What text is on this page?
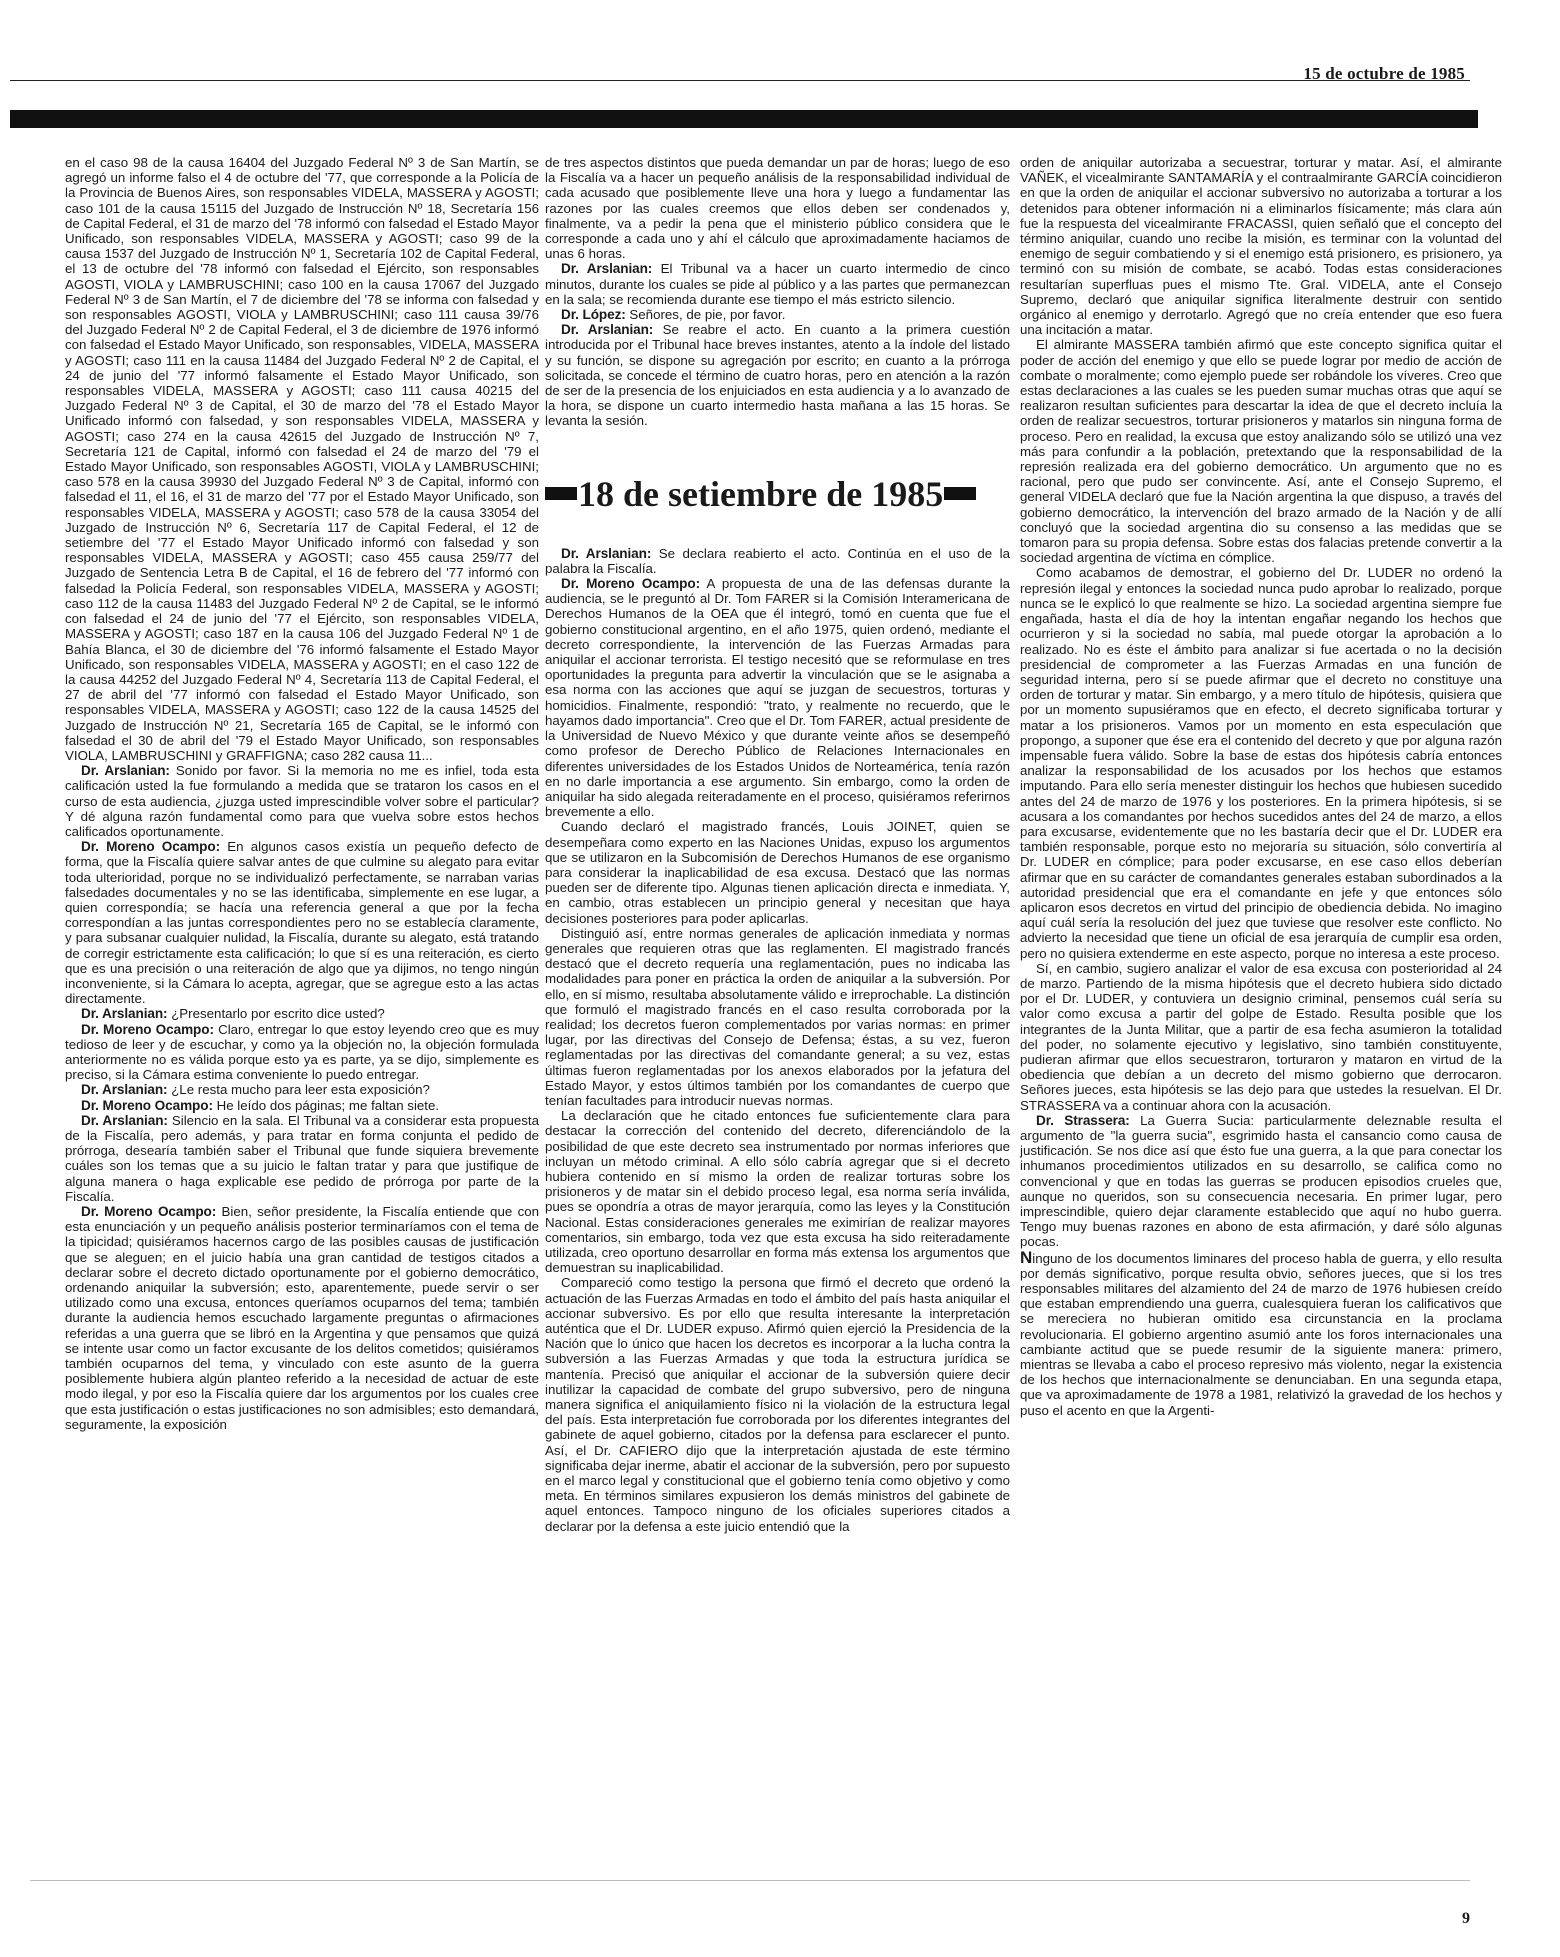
15 de octubre de 1985

en el caso 98 de la causa 16404 del Juzgado Federal Nº 3 de San Martín, se agregó un informe falso el 4 de octubre del '77, que corresponde a la Policía de la Provincia de Buenos Aires, son responsables VIDELA, MASSERA y AGOSTI; caso 101 de la causa 15115 del Juzgado de Instrucción Nº 18, Secretaría 156 de Capital Federal, el 31 de marzo del '78 informó con falsedad el Estado Mayor Unificado, son responsables VIDELA, MASSERA y AGOSTI; caso 99 de la causa 1537 del Juzgado de Instrucción Nº 1, Secretaría 102 de Capital Federal, el 13 de octubre del '78 informó con falsedad el Ejército, son responsables AGOSTI, VIOLA y LAMBRUSCHINI; caso 100 en la causa 17067 del Juzgado Federal Nº 3 de San Martín, el 7 de diciembre del '78 se informa con falsedad y son responsables AGOSTI, VIOLA y LAMBRUSCHINI; caso 111 causa 39/76 del Juzgado Federal Nº 2 de Capital Federal, el 3 de diciembre de 1976 informó con falsedad el Estado Mayor Unificado, son responsables, VIDELA, MASSERA y AGOSTI; caso 111 en la causa 11484 del Juzgado Federal Nº 2 de Capital, el 24 de junio del '77 informó falsamente el Estado Mayor Unificado, son responsables VIDELA, MASSERA y AGOSTI; caso 111 causa 40215 del Juzgado Federal Nº 3 de Capital, el 30 de marzo del '78 el Estado Mayor Unificado informó con falsedad, y son responsables VIDELA, MASSERA y AGOSTI; caso 274 en la causa 42615 del Juzgado de Instrucción Nº 7, Secretaría 121 de Capital, informó con falsedad el 24 de marzo del '79 el Estado Mayor Unificado, son responsables AGOSTI, VIOLA y LAMBRUSCHINI; caso 578 en la causa 39930 del Juzgado Federal Nº 3 de Capital, informó con falsedad el 11, el 16, el 31 de marzo del '77 por el Estado Mayor Unificado, son responsables VIDELA, MASSERA y AGOSTI; caso 578 de la causa 33054 del Juzgado de Instrucción Nº 6, Secretaría 117 de Capital Federal, el 12 de setiembre del '77 el Estado Mayor Unificado informó con falsedad y son responsables VIDELA, MASSERA y AGOSTI; caso 455 causa 259/77 del Juzgado de Sentencia Letra B de Capital, el 16 de febrero del '77 informó con falsedad la Policía Federal, son responsables VIDELA, MASSERA y AGOSTI; caso 112 de la causa 11483 del Juzgado Federal Nº 2 de Capital, se le informó con falsedad el 24 de junio del '77 el Ejército, son responsables VIDELA, MASSERA y AGOSTI; caso 187 en la causa 106 del Juzgado Federal Nº 1 de Bahía Blanca, el 30 de diciembre del '76 informó falsamente el Estado Mayor Unificado, son responsables VIDELA, MASSERA y AGOSTI; en el caso 122 de la causa 44252 del Juzgado Federal Nº 4, Secretaría 113 de Capital Federal, el 27 de abril del '77 informó con falsedad el Estado Mayor Unificado, son responsables VIDELA, MASSERA y AGOSTI; caso 122 de la causa 14525 del Juzgado de Instrucción Nº 21, Secretaría 165 de Capital, se le informó con falsedad el 30 de abril del '79 el Estado Mayor Unificado, son responsables VIOLA, LAMBRUSCHINI y GRAFFIGNA; caso 282 causa 11...

Dr. Arslanian: Sonido por favor. Si la memoria no me es infiel, toda esta calificación usted la fue formulando a medida que se trataron los casos en el curso de esta audiencia, ¿juzga usted imprescindible volver sobre el particular? Y dé alguna razón fundamental como para que vuelva sobre estos hechos calificados oportunamente.

Dr. Moreno Ocampo: En algunos casos existía un pequeño defecto de forma, que la Fiscalía quiere salvar antes de que culmine su alegato para evitar toda ulterioridad, porque no se individualizó perfectamente, se narraban varias falsedades documentales y no se las identificaba, simplemente en ese lugar, a quien correspondía; se hacía una referencia general a que por la fecha correspondían a las juntas correspondientes pero no se establecía claramente, y para subsanar cualquier nulidad, la Fiscalía, durante su alegato, está tratando de corregir estrictamente esta calificación; lo que sí es una reiteración, es cierto que es una precisión o una reiteración de algo que ya dijimos, no tengo ningún inconveniente, si la Cámara lo acepta, agregar, que se agregue esto a las actas directamente.

Dr. Arslanian: ¿Presentarlo por escrito dice usted?

Dr. Moreno Ocampo: Claro, entregar lo que estoy leyendo creo que es muy tedioso de leer y de escuchar, y como ya la objeción no, la objeción formulada anteriormente no es válida porque esto ya es parte, ya se dijo, simplemente es preciso, si la Cámara estima conveniente lo puedo entregar.

Dr. Arslanian: ¿Le resta mucho para leer esta exposición?

Dr. Moreno Ocampo: He leído dos páginas; me faltan siete.

Dr. Arslanian: Silencio en la sala. El Tribunal va a considerar esta propuesta de la Fiscalía, pero además, y para tratar en forma conjunta el pedido de prórroga, desearía también saber el Tribunal que funde siquiera brevemente cuáles son los temas que a su juicio le faltan tratar y para que justifique de alguna manera o haga explicable ese pedido de prórroga por parte de la Fiscalía.

Dr. Moreno Ocampo: Bien, señor presidente, la Fiscalía entiende que con esta enunciación y un pequeño análisis posterior terminaríamos con el tema de la tipicidad; quisiéramos hacernos cargo de las posibles causas de justificación que se aleguen; en el juicio había una gran cantidad de testigos citados a declarar sobre el decreto dictado oportunamente por el gobierno democrático, ordenando aniquilar la subversión; esto, aparentemente, puede servir o ser utilizado como una excusa, entonces queríamos ocuparnos del tema; también durante la audiencia hemos escuchado largamente preguntas o afirmaciones referidas a una guerra que se libró en la Argentina y que pensamos que quizá se intente usar como un factor excusante de los delitos cometidos; quisiéramos también ocuparnos del tema, y vinculado con este asunto de la guerra posiblemente hubiera algún planteo referido a la necesidad de actuar de este modo ilegal, y por eso la Fiscalía quiere dar los argumentos por los cuales cree que esta justificación o estas justificaciones no son admisibles; esto demandará, seguramente, la exposición

de tres aspectos distintos que pueda demandar un par de horas; luego de eso la Fiscalía va a hacer un pequeño análisis de la responsabilidad individual de cada acusado que posiblemente lleve una hora y luego a fundamentar las razones por las cuales creemos que ellos deben ser condenados y, finalmente, va a pedir la pena que el ministerio público considera que le corresponde a cada uno y ahí el cálculo que aproximadamente haciamos de unas 6 horas.

Dr. Arslanian: El Tribunal va a hacer un cuarto intermedio de cinco minutos, durante los cuales se pide al público y a las partes que permanezcan en la sala; se recomienda durante ese tiempo el más estricto silencio.

Dr. López: Señores, de pie, por favor.

Dr. Arslanian: Se reabre el acto. En cuanto a la primera cuestión introducida por el Tribunal hace breves instantes, atento a la índole del listado y su función, se dispone su agregación por escrito; en cuanto a la prórroga solicitada, se concede el término de cuatro horas, pero en atención a la razón de ser de la presencia de los enjuiciados en esta audiencia y a lo avanzado de la hora, se dispone un cuarto intermedio hasta mañana a las 15 horas. Se levanta la sesión.

18 de setiembre de 1985

Dr. Arslanian: Se declara reabierto el acto. Continúa en el uso de la palabra la Fiscalía.

Dr. Moreno Ocampo: A propuesta de una de las defensas durante la audiencia, se le preguntó al Dr. Tom FARER si la Comisión Interamericana de Derechos Humanos de la OEA que él integró, tomó en cuenta que fue el gobierno constitucional argentino, en el año 1975, quien ordenó, mediante el decreto correspondiente, la intervención de las Fuerzas Armadas para aniquilar el accionar terrorista. El testigo necesitó que se reformulase en tres oportunidades la pregunta para advertir la vinculación que se le asignaba a esa norma con las acciones que aquí se juzgan de secuestros, torturas y homicidios. Finalmente, respondió: "trato, y realmente no recuerdo, que le hayamos dado importancia". Creo que el Dr. Tom FARER, actual presidente de la Universidad de Nuevo México y que durante veinte años se desempeñó como profesor de Derecho Público de Relaciones Internacionales en diferentes universidades de los Estados Unidos de Norteamérica, tenía razón en no darle importancia a ese argumento. Sin embargo, como la orden de aniquilar ha sido alegada reiteradamente en el proceso, quisiéramos referirnos brevemente a ello.

Cuando declaró el magistrado francés, Louis JOINET, quien se desempeñara como experto en las Naciones Unidas, expuso los argumentos que se utilizaron en la Subcomisión de Derechos Humanos de ese organismo para considerar la inaplicabilidad de esa excusa. Destacó que las normas pueden ser de diferente tipo. Algunas tienen aplicación directa e inmediata. Y, en cambio, otras establecen un principio general y necesitan que haya decisiones posteriores para poder aplicarlas.

Distinguió así, entre normas generales de aplicación inmediata y normas generales que requieren otras que las reglamenten. El magistrado francés destacó que el decreto requería una reglamentación, pues no indicaba las modalidades para poner en práctica la orden de aniquilar a la subversión. Por ello, en sí mismo, resultaba absolutamente válido e irreprochable. La distinción que formuló el magistrado francés en el caso resulta corroborada por la realidad; los decretos fueron complementados por varias normas: en primer lugar, por las directivas del Consejo de Defensa; éstas, a su vez, fueron reglamentadas por las directivas del comandante general; a su vez, estas últimas fueron reglamentadas por los anexos elaborados por la jefatura del Estado Mayor, y estos últimos también por los comandantes de cuerpo que tenían facultades para introducir nuevas normas.

La declaración que he citado entonces fue suficientemente clara para destacar la corrección del contenido del decreto, diferenciándolo de la posibilidad de que este decreto sea instrumentado por normas inferiores que incluyan un método criminal. A ello sólo cabría agregar que si el decreto hubiera contenido en sí mismo la orden de realizar torturas sobre los prisioneros y de matar sin el debido proceso legal, esa norma sería inválida, pues se opondría a otras de mayor jerarquía, como las leyes y la Constitución Nacional. Estas consideraciones generales me eximirían de realizar mayores comentarios, sin embargo, toda vez que esta excusa ha sido reiteradamente utilizada, creo oportuno desarrollar en forma más extensa los argumentos que demuestran su inaplicabilidad.

Compareció como testigo la persona que firmó el decreto que ordenó la actuación de las Fuerzas Armadas en todo el ámbito del país hasta aniquilar el accionar subversivo. Es por ello que resulta interesante la interpretación auténtica que el Dr. LUDER expuso. Afirmó quien ejerció la Presidencia de la Nación que lo único que hacen los decretos es incorporar a la lucha contra la subversión a las Fuerzas Armadas y que toda la estructura jurídica se mantenía. Precisó que aniquilar el accionar de la subversión quiere decir inutilizar la capacidad de combate del grupo subversivo, pero de ninguna manera significa el aniquilamiento físico ni la violación de la estructura legal del país. Esta interpretación fue corroborada por los diferentes integrantes del gabinete de aquel gobierno, citados por la defensa para esclarecer el punto. Así, el Dr. CAFIERO dijo que la interpretación ajustada de este término significaba dejar inerme, abatir el accionar de la subversión, pero por supuesto en el marco legal y constitucional que el gobierno tenía como objetivo y como meta. En términos similares expusieron los demás ministros del gabinete de aquel entonces. Tampoco ninguno de los oficiales superiores citados a declarar por la defensa a este juicio entendió que la

orden de aniquilar autorizaba a secuestrar, torturar y matar. Así, el almirante VAÑEK, el vicealmirante SANTAMARÍA y el contraalmirante GARCÍA coincidieron en que la orden de aniquilar el accionar subversivo no autorizaba a torturar a los detenidos para obtener información ni a eliminarlos físicamente; más clara aún fue la respuesta del vicealmirante FRACASSI, quien señaló que el concepto del término aniquilar, cuando uno recibe la misión, es terminar con la voluntad del enemigo de seguir combatiendo y si el enemigo está prisionero, es prisionero, ya terminó con su misión de combate, se acabó. Todas estas consideraciones resultarían superfluas pues el mismo Tte. Gral. VIDELA, ante el Consejo Supremo, declaró que aniquilar significa literalmente destruir con sentido orgánico al enemigo y derrotarlo. Agregó que no creía entender que eso fuera una incitación a matar.

El almirante MASSERA también afirmó que este concepto significa quitar el poder de acción del enemigo y que ello se puede lograr por medio de acción de combate o moralmente; como ejemplo puede ser robándole los víveres. Creo que estas declaraciones a las cuales se les pueden sumar muchas otras que aquí se realizaron resultan suficientes para descartar la idea de que el decreto incluía la orden de realizar secuestros, torturar prisioneros y matarlos sin ninguna forma de proceso. Pero en realidad, la excusa que estoy analizando sólo se utilizó una vez más para confundir a la población, pretextando que la responsabilidad de la represión realizada era del gobierno democrático. Un argumento que no es racional, pero que pudo ser convincente. Así, ante el Consejo Supremo, el general VIDELA declaró que fue la Nación argentina la que dispuso, a través del gobierno democrático, la intervención del brazo armado de la Nación y de allí concluyó que la sociedad argentina dio su consenso a las medidas que se tomaron para su propia defensa. Sobre estas dos falacias pretende convertir a la sociedad argentina de víctima en cómplice.

Como acabamos de demostrar, el gobierno del Dr. LUDER no ordenó la represión ilegal y entonces la sociedad nunca pudo aprobar lo realizado, porque nunca se le explicó lo que realmente se hizo. La sociedad argentina siempre fue engañada, hasta el día de hoy la intentan engañar negando los hechos que ocurrieron y si la sociedad no sabía, mal puede otorgar la aprobación a lo realizado. No es éste el ámbito para analizar si fue acertada o no la decisión presidencial de comprometer a las Fuerzas Armadas en una función de seguridad interna, pero sí se puede afirmar que el decreto no constituye una orden de torturar y matar. Sin embargo, y a mero título de hipótesis, quisiera que por un momento supusiéramos que en efecto, el decreto significaba torturar y matar a los prisioneros. Vamos por un momento en esta especulación que propongo, a suponer que ése era el contenido del decreto y que por alguna razón impensable fuera válido. Sobre la base de estas dos hipótesis cabría entonces analizar la responsabilidad de los acusados por los hechos que estamos imputando. Para ello sería menester distinguir los hechos que hubiesen sucedido antes del 24 de marzo de 1976 y los posteriores. En la primera hipótesis, si se acusara a los comandantes por hechos sucedidos antes del 24 de marzo, a ellos para excusarse, evidentemente que no les bastaría decir que el Dr. LUDER era también responsable, porque esto no mejoraría su situación, sólo convertiría al Dr. LUDER en cómplice; para poder excusarse, en ese caso ellos deberían afirmar que en su carácter de comandantes generales estaban subordinados a la autoridad presidencial que era el comandante en jefe y que entonces sólo aplicaron esos decretos en virtud del principio de obediencia debida. No imagino aquí cuál sería la resolución del juez que tuviese que resolver este conflicto. No advierto la necesidad que tiene un oficial de esa jerarquía de cumplir esa orden, pero no quisiera extenderme en este aspecto, porque no interesa a este proceso.

Sí, en cambio, sugiero analizar el valor de esa excusa con posterioridad al 24 de marzo. Partiendo de la misma hipótesis que el decreto hubiera sido dictado por el Dr. LUDER, y contuviera un designio criminal, pensemos cuál sería su valor como excusa a partir del golpe de Estado. Resulta posible que los integrantes de la Junta Militar, que a partir de esa fecha asumieron la totalidad del poder, no solamente ejecutivo y legislativo, sino también constituyente, pudieran afirmar que ellos secuestraron, torturaron y mataron en virtud de la obediencia que debían a un decreto del mismo gobierno que derrocaron. Señores jueces, esta hipótesis se las dejo para que ustedes la resuelvan. El Dr. STRASSERA va a continuar ahora con la acusación.

Dr. Strassera: La Guerra Sucia: particularmente deleznable resulta el argumento de "la guerra sucia", esgrimido hasta el cansancio como causa de justificación. Se nos dice así que ésto fue una guerra, a la que para conectar los inhumanos procedimientos utilizados en su desarrollo, se califica como no convencional y que en todas las guerras se producen episodios crueles que, aunque no queridos, son su consecuencia necesaria. En primer lugar, pero imprescindible, quiero dejar claramente establecido que aquí no hubo guerra. Tengo muy buenas razones en abono de esta afirmación, y daré sólo algunas pocas.

Ninguno de los documentos liminares del proceso habla de guerra, y ello resulta por demás significativo, porque resulta obvio, señores jueces, que si los tres responsables militares del alzamiento del 24 de marzo de 1976 hubiesen creído que estaban emprendiendo una guerra, cualesquiera fueran los calificativos que se mereciera no hubieran omitido esa circunstancia en la proclama revolucionaria. El gobierno argentino asumió ante los foros internacionales una cambiante actitud que se puede resumir de la siguiente manera: primero, mientras se llevaba a cabo el proceso represivo más violento, negar la existencia de los hechos que internacionalmente se denunciaban. En una segunda etapa, que va aproximadamente de 1978 a 1981, relativizó la gravedad de los hechos y puso el acento en que la Argenti-

9
